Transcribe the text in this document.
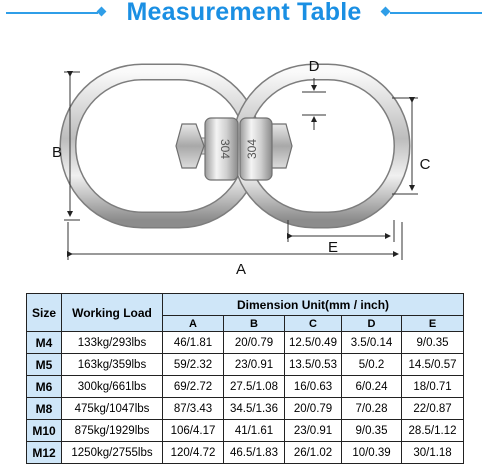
Measurement Table
304 304
B
C
D
E
A
Size	Working Load	Dimension Unit(mm / inch)				
		A	B	C	D	E
M4	133kg/293lbs	46/1.81	20/0.79	12.5/0.49	3.5/0.14	9/0.35
M5	163kg/359lbs	59/2.32	23/0.91	13.5/0.53	5/0.2	14.5/0.57
M6	300kg/661lbs	69/2.72	27.5/1.08	16/0.63	6/0.24	18/0.71
M8	475kg/1047lbs	87/3.43	34.5/1.36	20/0.79	7/0.28	22/0.87
M10	875kg/1929lbs	106/4.17	41/1.61	23/0.91	9/0.35	28.5/1.12
M12	1250kg/2755lbs	120/4.72	46.5/1.83	26/1.02	10/0.39	30/1.18
